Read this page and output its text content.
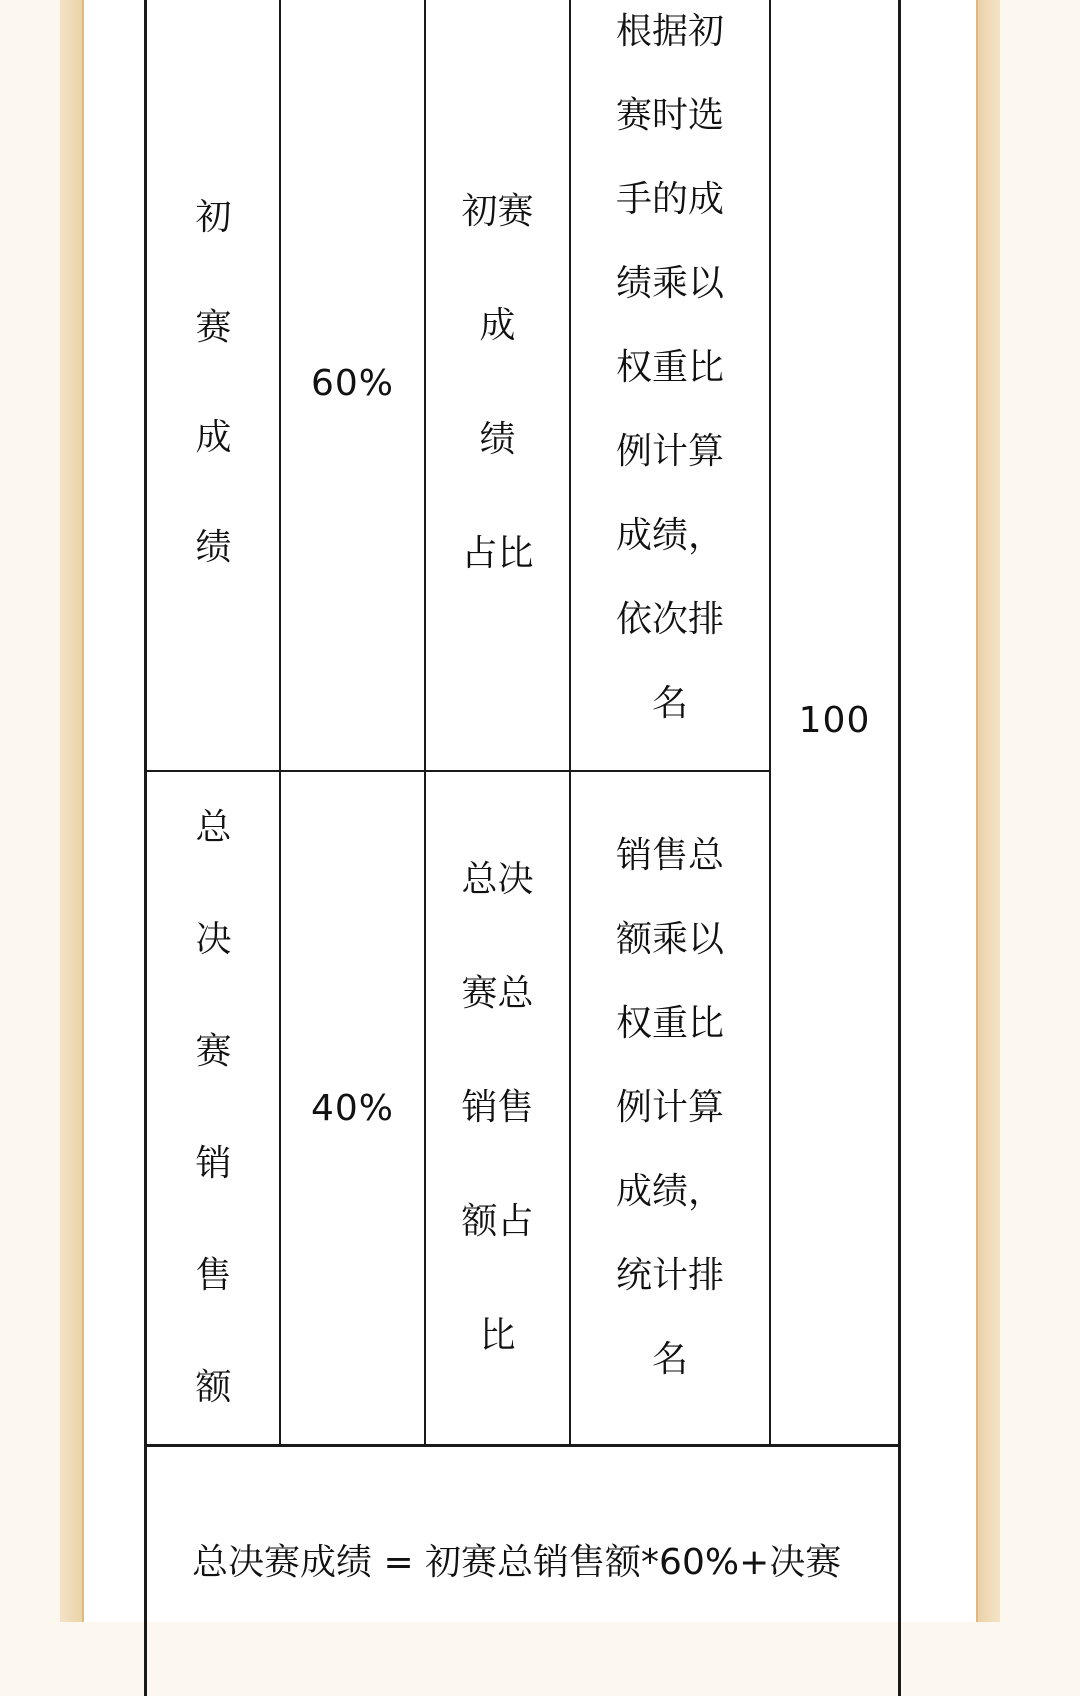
初
赛
成
绩
60%
初赛
成
绩
占比
根据初赛时选手的成绩乘以权重比例计算成绩，依次排名
总
决
赛
销
售
额
40%
总决
赛总
销售
额占
比
销售总额乘以权重比例计算成绩，统计排名
100
总决赛成绩 = 初赛总销售额*60%+决赛
